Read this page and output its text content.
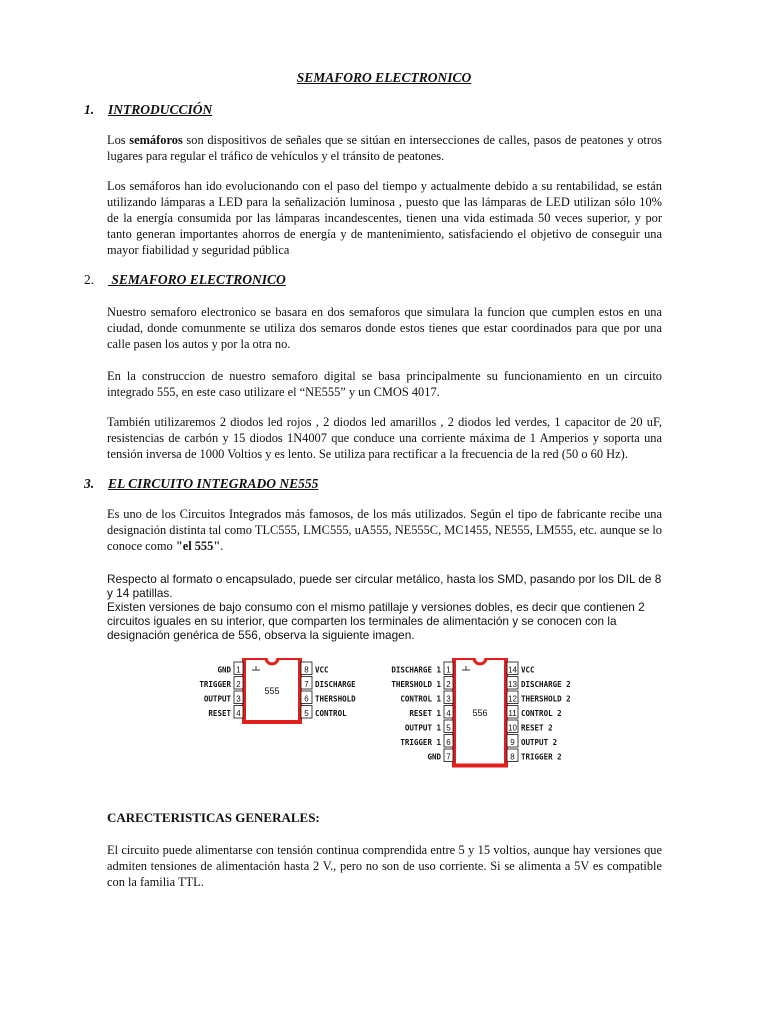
SEMAFORO ELECTRONICO
1. INTRODUCCIÓN
Los semáforos son dispositivos de señales que se sitúan en intersecciones de calles, pasos de peatones y otros lugares para regular el tráfico de vehículos y el tránsito de peatones.
Los semáforos han ido evolucionando con el paso del tiempo y actualmente debido a su rentabilidad, se están utilizando lámparas a LED para la señalización luminosa , puesto que las lámparas de LED utilizan sólo 10% de la energía consumida por las lámparas incandescentes, tienen una vida estimada 50 veces superior, y por tanto generan importantes ahorros de energía y de mantenimiento, satisfaciendo el objetivo de conseguir una mayor fiabilidad y seguridad pública
2. SEMAFORO ELECTRONICO
Nuestro semaforo electronico se basara en dos semaforos que simulara la funcion que cumplen estos en una ciudad, donde comunmente se utiliza dos semaros donde estos tienes que estar coordinados para que por una calle pasen los autos y por la otra no.
En la construccion de nuestro semaforo digital se basa principalmente su funcionamiento en un circuito integrado 555, en este caso utilizare el “NE555” y un CMOS 4017.
También utilizaremos 2 diodos led rojos , 2 diodos led amarillos , 2 diodos led verdes, 1 capacitor de 20 uF, resistencias de carbón y 15 diodos 1N4007 que conduce una corriente máxima de 1 Amperios y soporta una tensión inversa de 1000 Voltios y es lento. Se utiliza para rectificar a la frecuencia de la red (50 o 60 Hz).
3. EL CIRCUITO INTEGRADO NE555
Es uno de los Circuitos Integrados más famosos, de los más utilizados. Según el tipo de fabricante recibe una designación distinta tal como TLC555, LMC555, uA555, NE555C, MC1455, NE555, LM555, etc. aunque se lo conoce como "el 555".
Respecto al formato o encapsulado, puede ser circular metálico, hasta los SMD, pasando por los DIL de 8 y 14 patillas.
Existen versiones de bajo consumo con el mismo patillaje y versiones dobles, es decir que contienen 2 circuitos iguales en su interior, que comparten los terminales de alimentación y se conocen con la designación genérica de 556, observa la siguiente imagen.
555
1
GND
2
TRIGGER
3
OUTPUT
4
RESET
8 VCC
7 DISCHARGE
6 THERSHOLD
5 CONTROL	556
1
DISCHARGE 1
2
THERSHOLD 1
3
CONTROL 1
4
RESET 1
5
OUTPUT 1
6
TRIGGER 1
7
GND
14 VCC
13 DISCHARGE 2
12 THERSHOLD 2
11 CONTROL 2
10 RESET 2
9 OUTPUT 2
8 TRIGGER 2
CARECTERISTICAS GENERALES:
El circuito puede alimentarse con tensión continua comprendida entre 5 y 15 voltios, aunque hay versiones que admiten tensiones de alimentación hasta 2 V., pero no son de uso corriente. Si se alimenta a 5V es compatible con la familia TTL.
